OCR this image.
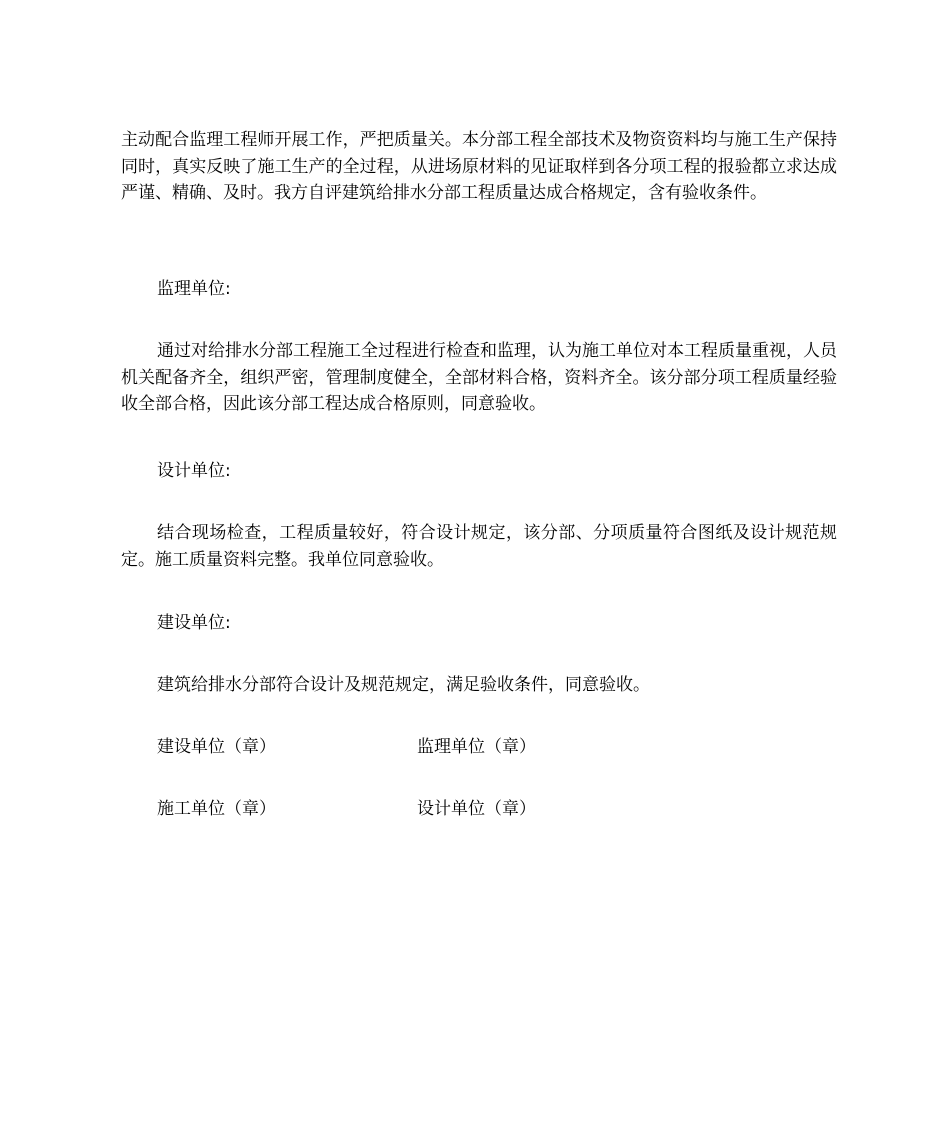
主动配合监理工程师开展工作，严把质量关。本分部工程全部技术及物资资料均与施工生产保持同时，真实反映了施工生产的全过程，从进场原材料的见证取样到各分项工程的报验都立求达成严谨、精确、及时。我方自评建筑给排水分部工程质量达成合格规定，含有验收条件。

监理单位:

通过对给排水分部工程施工全过程进行检查和监理，认为施工单位对本工程质量重视，人员机关配备齐全，组织严密，管理制度健全，全部材料合格，资料齐全。该分部分项工程质量经验收全部合格，因此该分部工程达成合格原则，同意验收。

设计单位:

结合现场检查，工程质量较好，符合设计规定，该分部、分项质量符合图纸及设计规范规定。施工质量资料完整。我单位同意验收。

建设单位:

建筑给排水分部符合设计及规范规定，满足验收条件，同意验收。

建设单位（章）	监理单位（章）

施工单位（章）	设计单位（章）
